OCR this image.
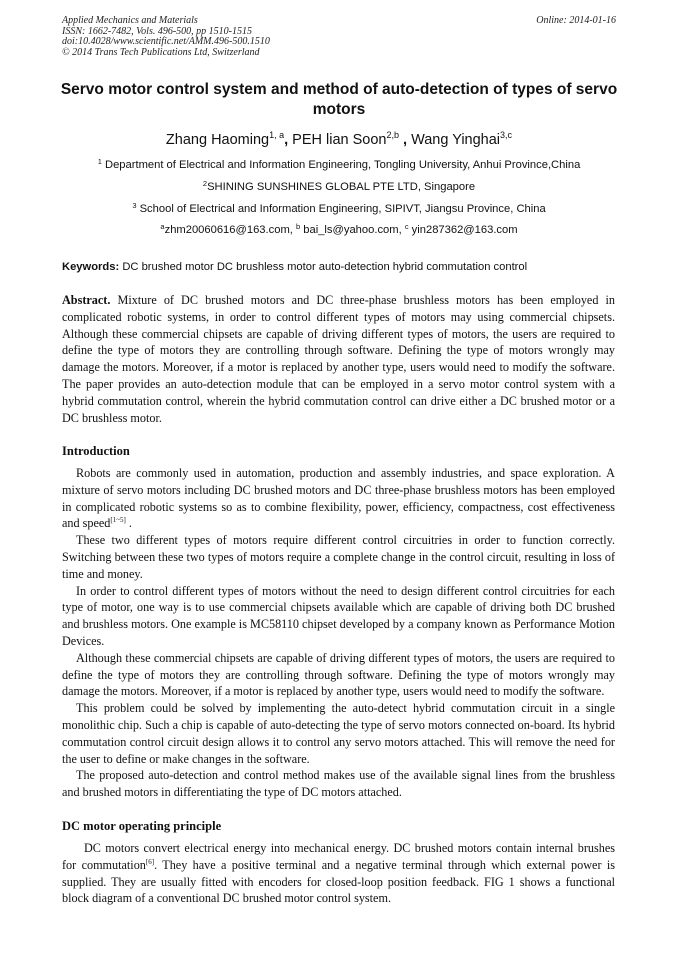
Applied Mechanics and Materials
ISSN: 1662-7482, Vols. 496-500, pp 1510-1515
doi:10.4028/www.scientific.net/AMM.496-500.1510
© 2014 Trans Tech Publications Ltd, Switzerland
Online: 2014-01-16
Servo motor control system and method of auto-detection of types of servo motors
Zhang Haoming$^{1, a}$, PEH lian Soon$^{2,b}$ , Wang Yinghai$^{3,c}$
$^1$ Department of Electrical and Information Engineering, Tongling University, Anhui Province,China
$^2$SHINING SUNSHINES GLOBAL PTE LTD, Singapore
$^3$ School of Electrical and Information Engineering, SIPIVT, Jiangsu Province, China
$^a$zhm20060616@163.com, $^b$ bai_ls@yahoo.com, $^c$ yin287362@163.com
Keywords: DC brushed motor DC brushless motor auto-detection hybrid commutation control

Abstract. Mixture of DC brushed motors and DC three-phase brushless motors has been employed in complicated robotic systems, in order to control different types of motors may using commercial chipsets. Although these commercial chipsets are capable of driving different types of motors, the users are required to define the type of motors they are controlling through software. Defining the type of motors wrongly may damage the motors. Moreover, if a motor is replaced by another type, users would need to modify the software. The paper provides an auto-detection module that can be employed in a servo motor control system with a hybrid commutation control, wherein the hybrid commutation control can drive either a DC brushed motor or a DC brushless motor.

Introduction

Robots are commonly used in automation, production and assembly industries, and space exploration. A mixture of servo motors including DC brushed motors and DC three-phase brushless motors has been employed in complicated robotic systems so as to combine flexibility, power, efficiency, compactness, cost effectiveness and speed[1~5] .

These two different types of motors require different control circuitries in order to function correctly. Switching between these two types of motors require a complete change in the control circuit, resulting in loss of time and money.

In order to control different types of motors without the need to design different control circuitries for each type of motor, one way is to use commercial chipsets available which are capable of driving both DC brushed and brushless motors. One example is MC58110 chipset developed by a company known as Performance Motion Devices.

Although these commercial chipsets are capable of driving different types of motors, the users are required to define the type of motors they are controlling through software. Defining the type of motors wrongly may damage the motors. Moreover, if a motor is replaced by another type, users would need to modify the software.

This problem could be solved by implementing the auto-detect hybrid commutation circuit in a single monolithic chip. Such a chip is capable of auto-detecting the type of servo motors connected on-board. Its hybrid commutation control circuit design allows it to control any servo motors attached. This will remove the need for the user to define or make changes in the software.

The proposed auto-detection and control method makes use of the available signal lines from the brushless and brushed motors in differentiating the type of DC motors attached.

DC motor operating principle

DC motors convert electrical energy into mechanical energy. DC brushed motors contain internal brushes for commutation[6]. They have a positive terminal and a negative terminal through which external power is supplied. They are usually fitted with encoders for closed-loop position feedback. FIG 1 shows a functional block diagram of a conventional DC brushed motor control system.
